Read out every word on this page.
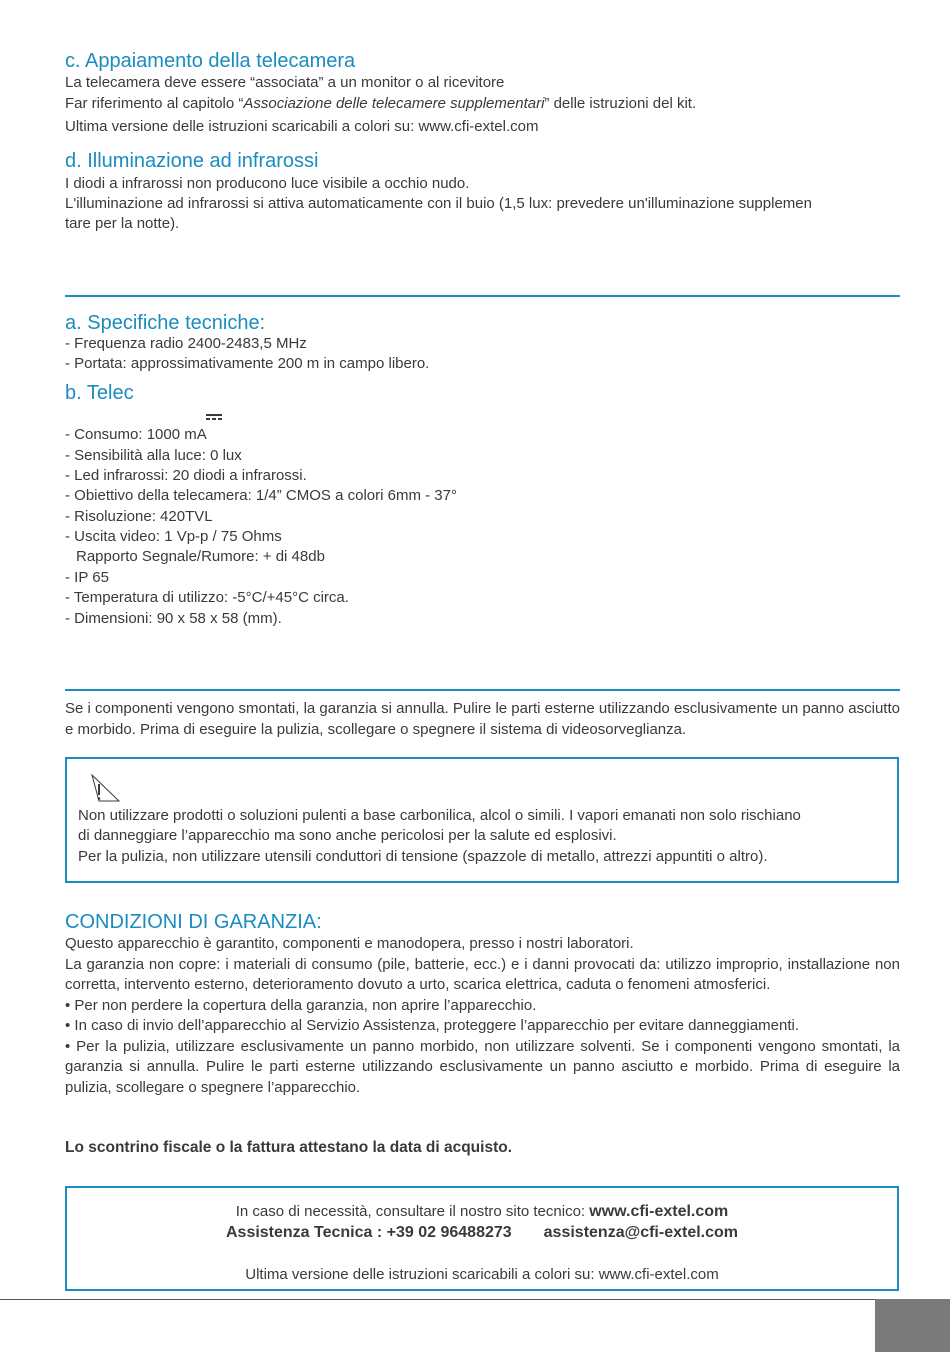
c. Appaiamento della telecamera
La telecamera deve essere “associata” a un monitor o al ricevitore
Far riferimento al capitolo “Associazione delle telecamere supplementari” delle istruzioni del kit.
Ultima versione delle istruzioni scaricabili a colori su: www.cfi-extel.com
d. Illuminazione ad infrarossi
I diodi a infrarossi non producono luce visibile a occhio nudo.
L'illuminazione ad infrarossi si attiva automaticamente con il buio (1,5 lux: prevedere un'illuminazione supplemen
tare per la notte).
a. Specifiche tecniche:
- Frequenza radio 2400-2483,5 MHz
- Portata: approssimativamente 200 m in campo libero.
b. Telec
- Consumo: 1000 mA
- Sensibilità alla luce: 0 lux
- Led infrarossi: 20 diodi a infrarossi.
- Obiettivo della telecamera: 1/4” CMOS a colori 6mm - 37°
- Risoluzione: 420TVL
- Uscita video: 1 Vp-p / 75 Ohms
Rapporto Segnale/Rumore: + di 48db
- IP 65
- Temperatura di utilizzo: -5°C/+45°C circa.
- Dimensioni: 90 x 58 x 58 (mm).
Se i componenti vengono smontati, la garanzia si annulla. Pulire le parti esterne utilizzando esclusivamente un panno asciutto e morbido. Prima di eseguire la pulizia, scollegare o spegnere il sistema di videosorveglianza.
Non utilizzare prodotti o soluzioni pulenti a base carbonilica, alcol o simili. I vapori emanati non solo rischiano
di danneggiare l’apparecchio ma sono anche pericolosi per la salute ed esplosivi.
Per la pulizia, non utilizzare utensili conduttori di tensione (spazzole di metallo, attrezzi appuntiti o altro).
CONDIZIONI DI GARANZIA:
Questo apparecchio è garantito, componenti e manodopera, presso i nostri laboratori.
La garanzia non copre: i materiali di consumo (pile, batterie, ecc.) e i danni provocati da: utilizzo improprio, installazione non corretta, intervento esterno, deterioramento dovuto a urto, scarica elettrica, caduta o fenomeni atmosferici.
• Per non perdere la copertura della garanzia, non aprire l’apparecchio.
• In caso di invio dell’apparecchio al Servizio Assistenza, proteggere l’apparecchio per evitare danneggiamenti.
• Per la pulizia, utilizzare esclusivamente un panno morbido, non utilizzare solventi. Se i componenti vengono smontati, la garanzia si annulla. Pulire le parti esterne utilizzando esclusivamente un panno asciutto e morbido. Prima di eseguire la pulizia, scollegare o spegnere l’apparecchio.
Lo scontrino fiscale o la fattura attestano la data di acquisto.
In caso di necessità, consultare il nostro sito tecnico: www.cfi-extel.com
Assistenza Tecnica : +39 02 96488273 assistenza@cfi-extel.com
Ultima versione delle istruzioni scaricabili a colori su: www.cfi-extel.com
